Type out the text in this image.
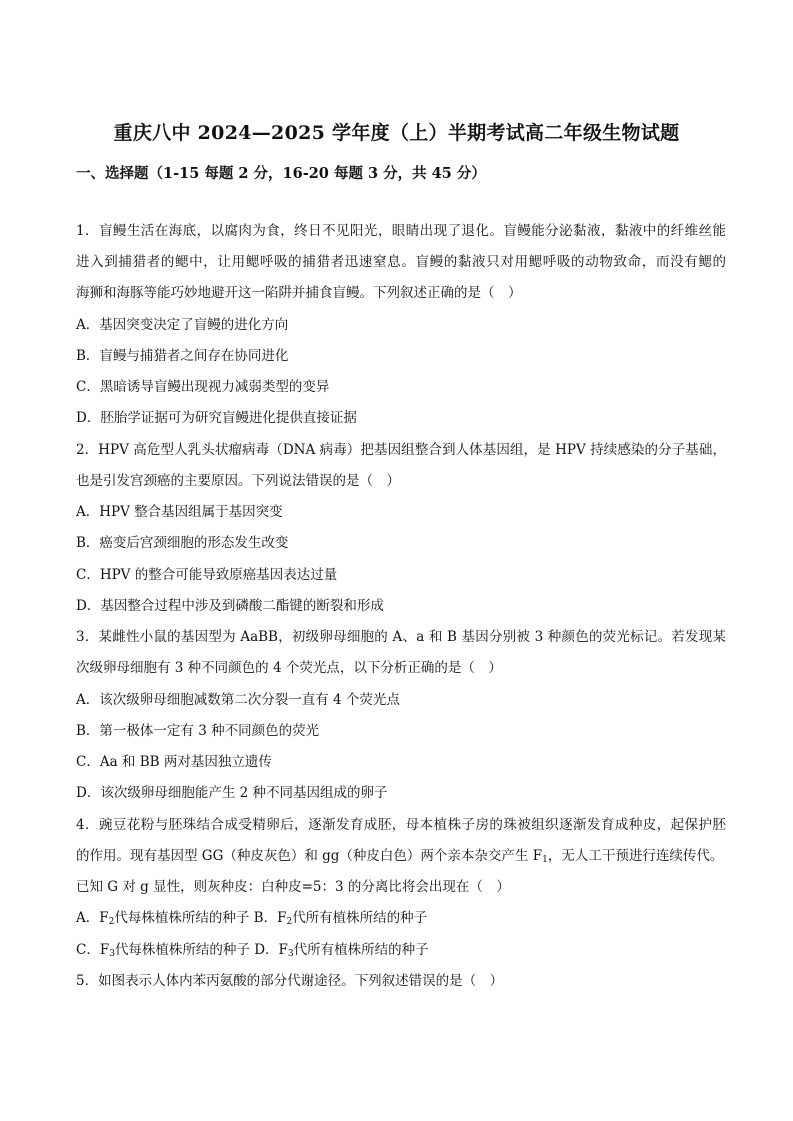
重庆八中 2024—2025 学年度（上）半期考试高二年级生物试题
一、选择题（1-15 每题 2 分，16-20 每题 3 分，共 45 分）
1．盲鳗生活在海底，以腐肉为食，终日不见阳光，眼睛出现了退化。盲鳗能分泌黏液，黏液中的纤维丝能
进入到捕猎者的鳃中，让用鳃呼吸的捕猎者迅速窒息。盲鳗的黏液只对用鳃呼吸的动物致命，而没有鳃的
海狮和海豚等能巧妙地避开这一陷阱并捕食盲鳗。下列叙述正确的是（　）
A．基因突变决定了盲鳗的进化方向
B．盲鳗与捕猎者之间存在协同进化
C．黑暗诱导盲鳗出现视力减弱类型的变异
D．胚胎学证据可为研究盲鳗进化提供直接证据
2．HPV 高危型人乳头状瘤病毒（DNA 病毒）把基因组整合到人体基因组，是 HPV 持续感染的分子基础，
也是引发宫颈癌的主要原因。下列说法错误的是（　）
A．HPV 整合基因组属于基因突变
B．癌变后宫颈细胞的形态发生改变
C．HPV 的整合可能导致原癌基因表达过量
D．基因整合过程中涉及到磷酸二酯键的断裂和形成
3．某雌性小鼠的基因型为 AaBB，初级卵母细胞的 A、a 和 B 基因分别被 3 种颜色的荧光标记。若发现某
次级卵母细胞有 3 种不同颜色的 4 个荧光点，以下分析正确的是（　）
A．该次级卵母细胞减数第二次分裂一直有 4 个荧光点
B．第一极体一定有 3 种不同颜色的荧光
C．Aa 和 BB 两对基因独立遗传
D．该次级卵母细胞能产生 2 种不同基因组成的卵子
4．豌豆花粉与胚珠结合成受精卵后，逐渐发育成胚，母本植株子房的珠被组织逐渐发育成种皮，起保护胚
的作用。现有基因型 GG（种皮灰色）和 gg（种皮白色）两个亲本杂交产生 $F_1$，无人工干预进行连续传代。
已知 G 对 g 显性，则灰种皮：白种皮=5：3 的分离比将会出现在（　）
A．$F_2$代每株植株所结的种子 B．$F_2$代所有植株所结的种子
C．$F_3$代每株植株所结的种子 D．$F_3$代所有植株所结的种子
5．如图表示人体内苯丙氨酸的部分代谢途径。下列叙述错误的是（　）
